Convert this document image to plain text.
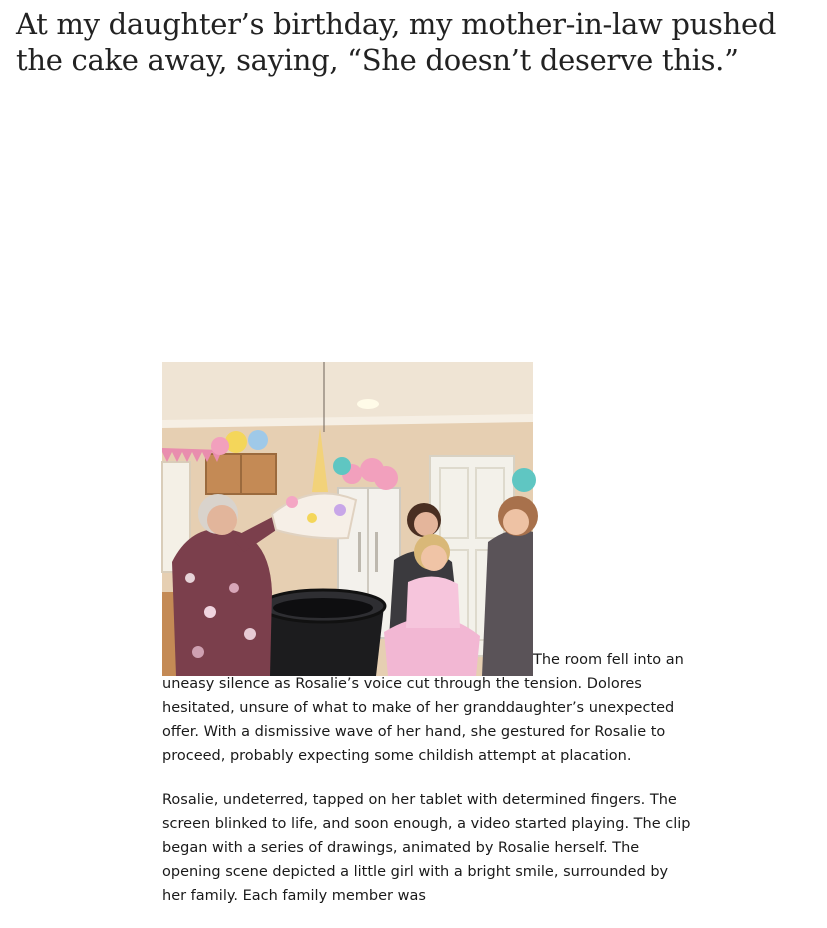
At my daughter’s birthday, my mother-in-law pushed the cake away, saying, “She doesn’t deserve this.”

The room fell into an uneasy silence as Rosalie’s voice cut through the tension. Dolores hesitated, unsure of what to make of her granddaughter’s unexpected offer. With a dismissive wave of her hand, she gestured for Rosalie to proceed, probably expecting some childish attempt at placation.

Rosalie, undeterred, tapped on her tablet with determined fingers. The screen blinked to life, and soon enough, a video started playing. The clip began with a series of drawings, animated by Rosalie herself. The opening scene depicted a little girl with a bright smile, surrounded by her family. Each family member was
